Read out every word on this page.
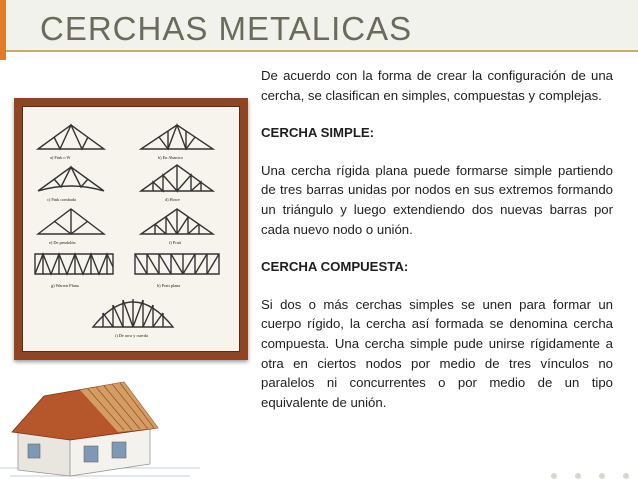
CERCHAS METALICAS
a) Fink o W	b) En Abanico
c) Fink combada	d) Howe
e) De pendolón	f) Pratt
g) Warren Plana	h) Pratt plana
i) De arco y cuerda

De acuerdo con la forma de crear la configuración de una cercha, se clasifican en simples, compuestas y complejas.

CERCHA SIMPLE:

Una cercha rígida plana puede formarse simple partiendo de tres barras unidas por nodos en sus extremos formando un triángulo y luego extendiendo dos nuevas barras por cada nuevo nodo o unión.

CERCHA COMPUESTA:

Si dos o más cerchas simples se unen para formar un cuerpo rígido, la cercha así formada se denomina cercha compuesta. Una cercha simple pude unirse rígidamente a otra en ciertos nodos por medio de tres vínculos no paralelos ni concurrentes o por medio de un tipo equivalente de unión.
